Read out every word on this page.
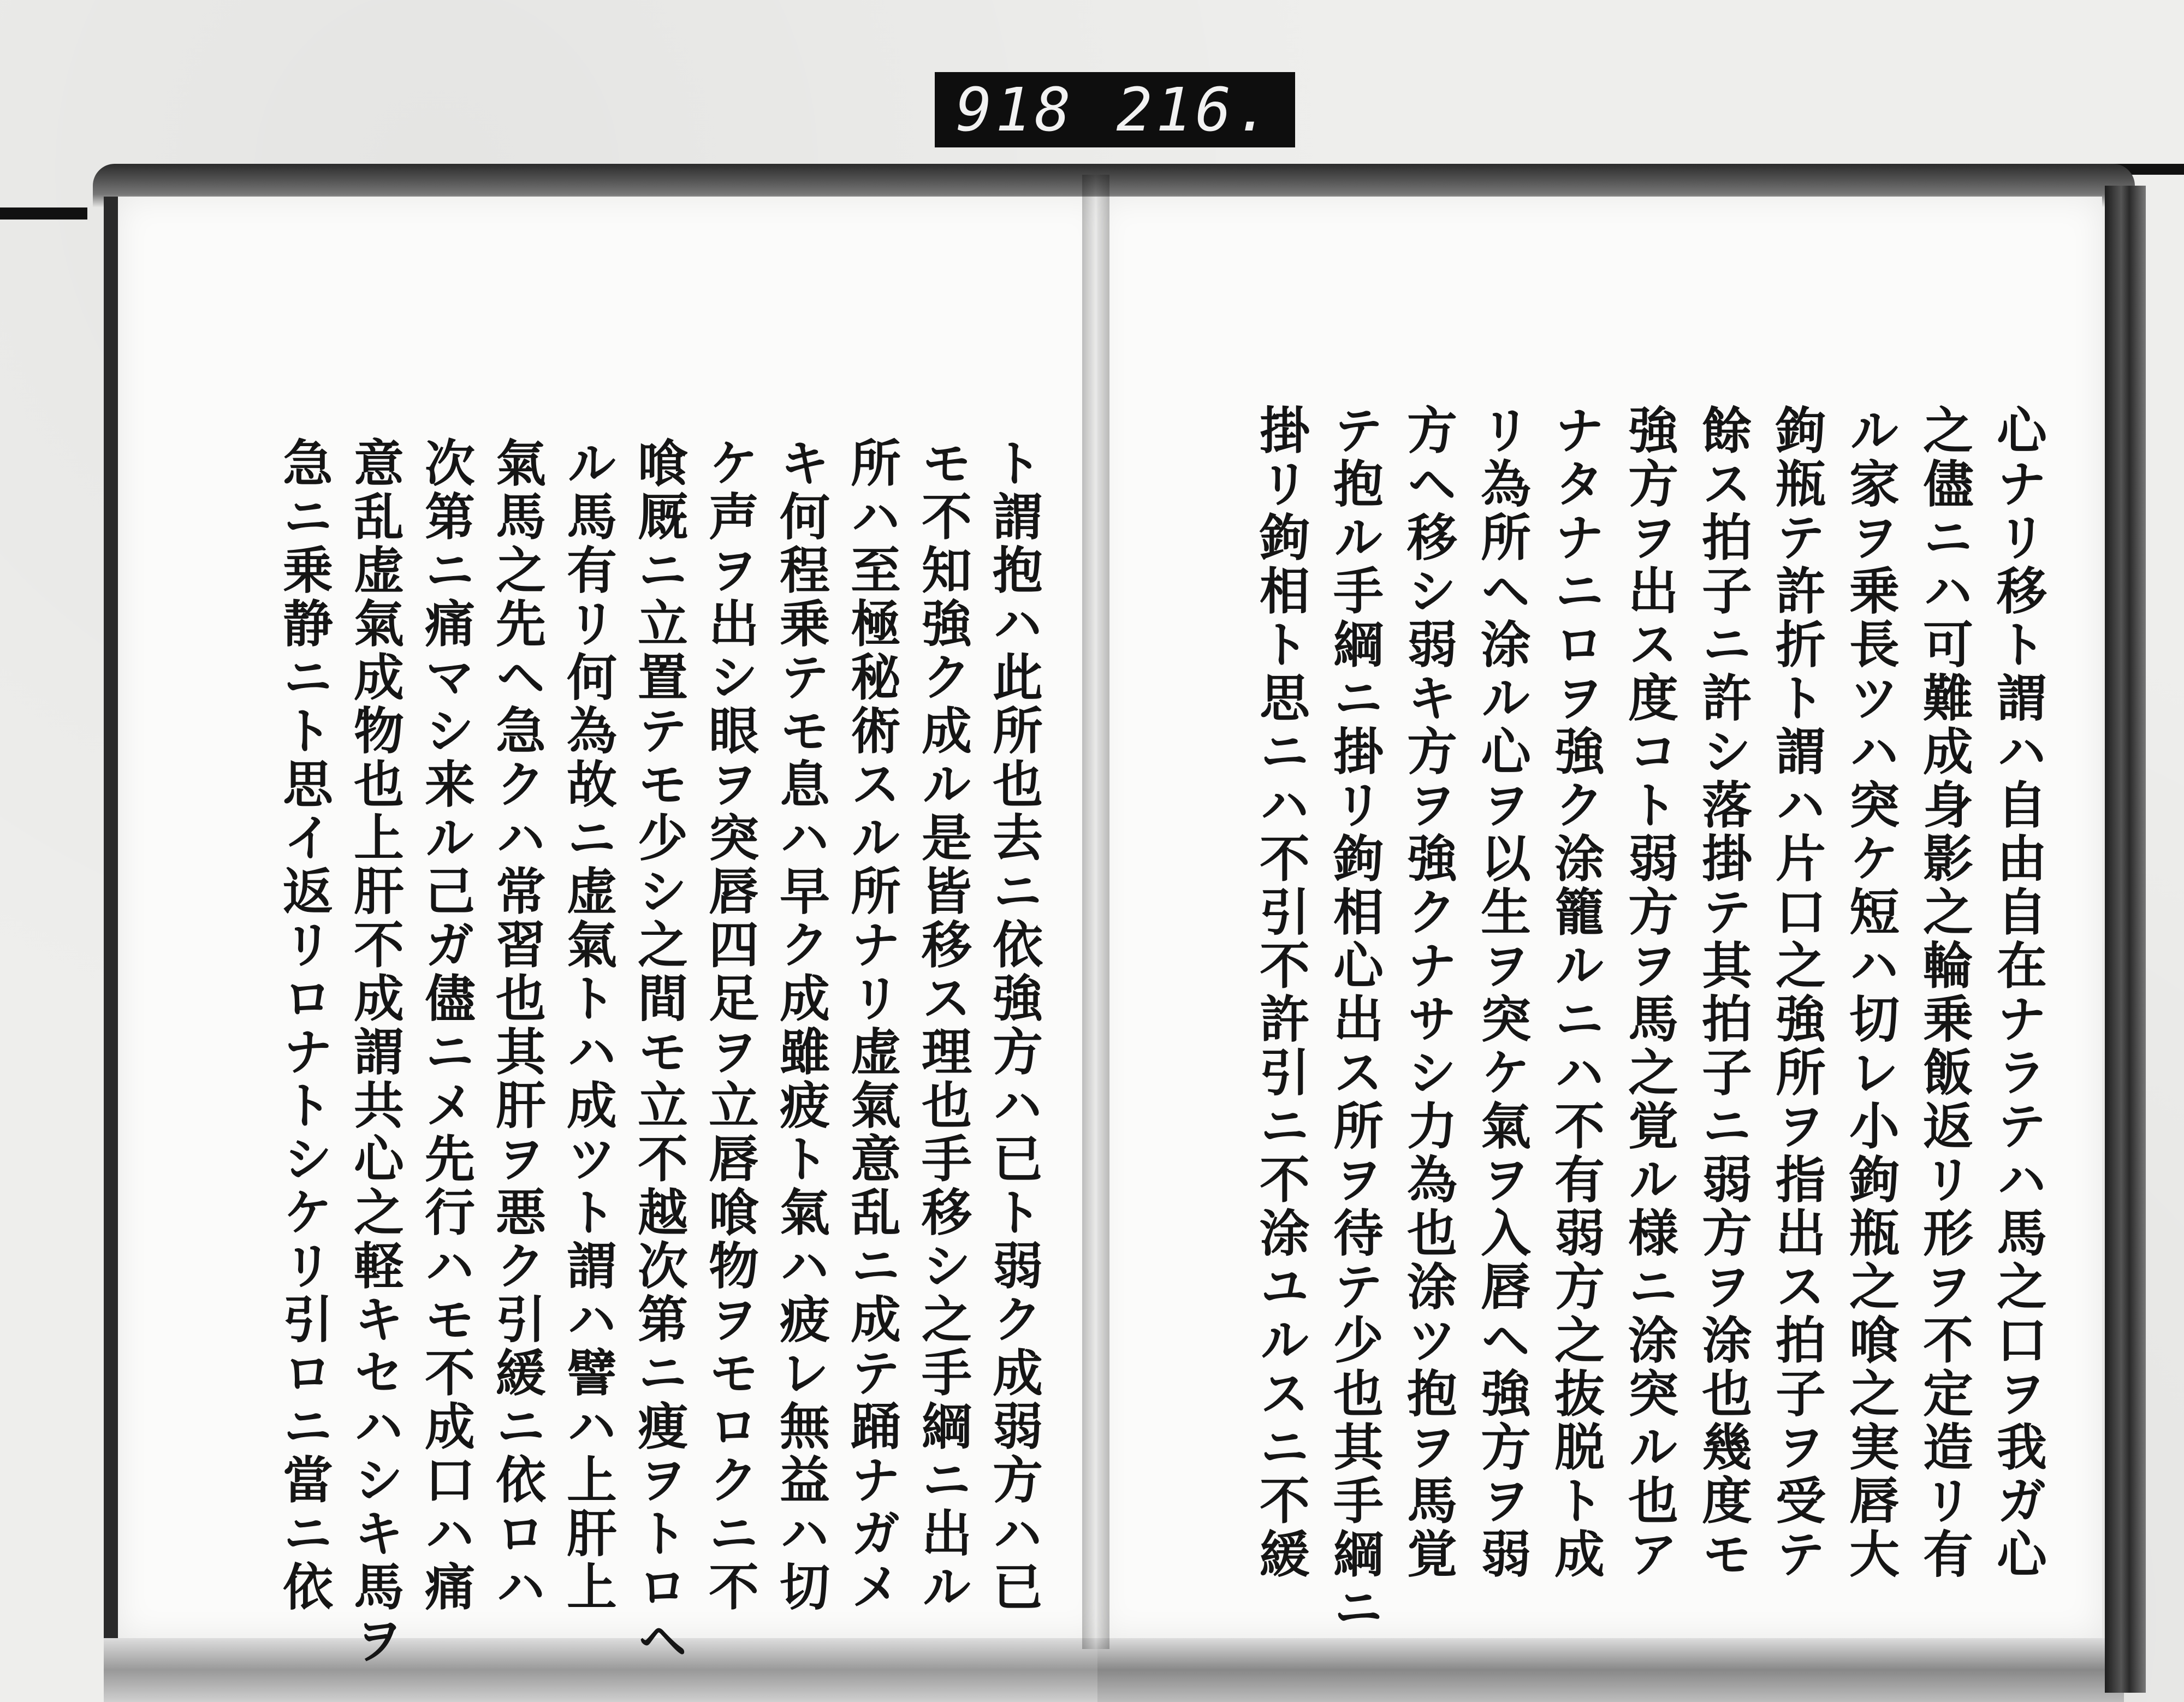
918 216.
ト謂抱ハ此所也去ニ依強方ハ已ト弱ク成弱方ハ已
モ不知強ク成ル是皆移ス理也手移シ之手綱ニ出ル
所ハ至極秘術スル所ナリ虚氣意乱ニ成テ踊ナガメ
キ何程乗テモ息ハ早ク成雖疲ト氣ハ疲レ無益ハ切
ケ声ヲ出シ眼ヲ突唇四足ヲ立唇喰物ヲモロクニ不
喰厩ニ立置テモ少シ之間モ立不越次第ニ痩ヲトロヘ
ル馬有リ何為故ニ虚氣トハ成ツト謂ハ譬ハ上肝上
氣馬之先ヘ急クハ常習也其肝ヲ悪ク引緩ニ依ロハ
次第ニ痛マシ来ル己ガ儘ニメ先行ハモ不成口ハ痛
意乱虚氣成物也上肝不成謂共心之軽キセハシキ馬ヲ
急ニ乗静ニト思イ返リロナトシケリ引ロニ當ニ依	心ナリ移ト謂ハ自由自在ナラテハ馬之口ヲ我ガ心
之儘ニハ可難成身影之輪乗飯返リ形ヲ不定造リ有
ル家ヲ乗長ツハ突ケ短ハ切レ小鉤瓶之喰之実唇大
鉤瓶テ許折ト謂ハ片口之強所ヲ指出ス拍子ヲ受テ
餘ス拍子ニ許シ落掛テ其拍子ニ弱方ヲ涂也幾度モ
強方ヲ出ス度コト弱方ヲ馬之覚ル様ニ涂突ル也ア
ナタナニロヲ強ク涂籠ルニハ不有弱方之抜脱ト成
リ為所ヘ涂ル心ヲ以生ヲ突ケ氣ヲ入唇ヘ強方ヲ弱
方ヘ移シ弱キ方ヲ強クナサシ力為也涂ツ抱ヲ馬覚
テ抱ル手綱ニ掛リ鉤相心出ス所ヲ待テ少也其手綱ニ
掛リ鉤相ト思ニハ不引不許引ニ不涂ユルスニ不緩
